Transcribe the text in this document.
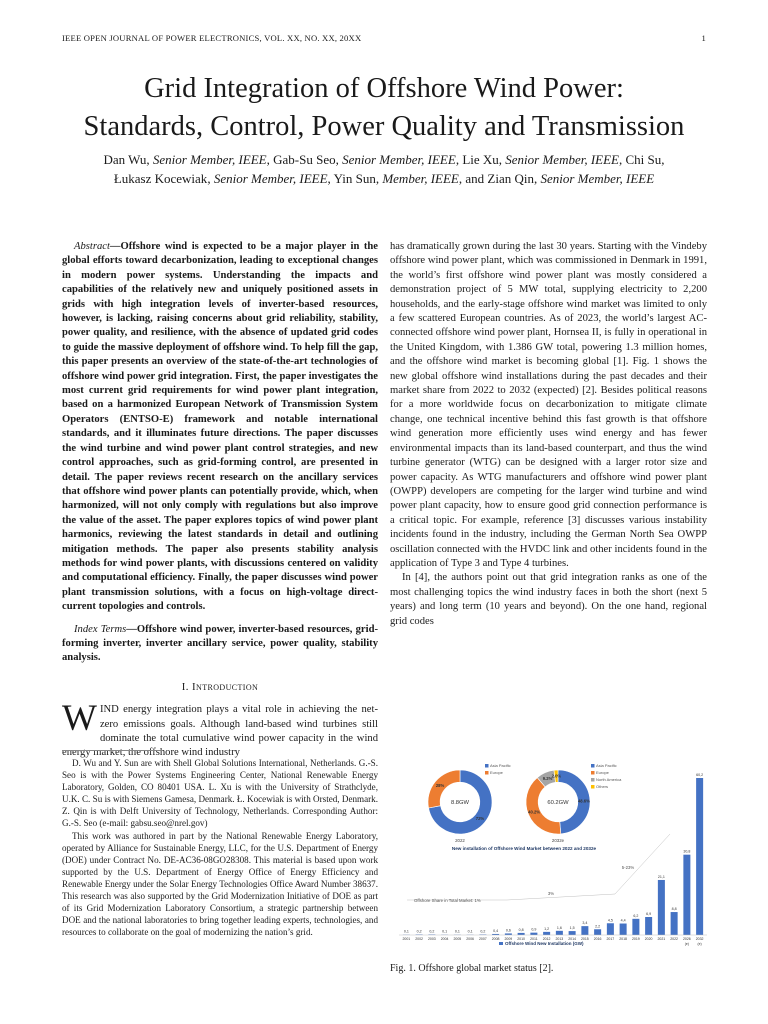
IEEE OPEN JOURNAL OF POWER ELECTRONICS, VOL. XX, NO. XX, 20XX	1
Grid Integration of Offshore Wind Power:
Standards, Control, Power Quality and Transmission
Dan Wu, Senior Member, IEEE, Gab-Su Seo, Senior Member, IEEE, Lie Xu, Senior Member, IEEE, Chi Su,
Łukasz Kocewiak, Senior Member, IEEE, Yin Sun, Member, IEEE, and Zian Qin, Senior Member, IEEE

Abstract—Offshore wind is expected to be a major player in the global efforts toward decarbonization, leading to exceptional changes in modern power systems. Understanding the impacts and capabilities of the relatively new and uniquely positioned assets in grids with high integration levels of inverter-based resources, however, is lacking, raising concerns about grid reliability, stability, power quality, and resilience, with the absence of updated grid codes to guide the massive deployment of offshore wind. To help fill the gap, this paper presents an overview of the state-of-the-art technologies of offshore wind power grid integration. First, the paper investigates the most current grid requirements for wind power plant integration, based on a harmonized European Network of Transmission System Operators (ENTSO-E) framework and notable international standards, and it illuminates future directions. The paper discusses the wind turbine and wind power plant control strategies, and new control approaches, such as grid-forming control, are presented in detail. The paper reviews recent research on the ancillary services that offshore wind power plants can potentially provide, which, when harmonized, will not only comply with regulations but also improve the value of the asset. The paper explores topics of wind power plant harmonics, reviewing the latest standards in detail and outlining mitigation methods. The paper also presents stability analysis methods for wind power plants, with discussions centered on validity and computational efficiency. Finally, the paper discusses wind power plant transmission solutions, with a focus on high-voltage direct-current topologies and controls.

Index Terms—Offshore wind power, inverter-based resources, grid-forming inverter, inverter ancillary service, power quality, stability analysis.

I. Introduction

WIND energy integration plays a vital role in achieving the net-zero emissions goals. Although land-based wind turbines still dominate the total cumulative wind power capacity in the wind energy market, the offshore wind industry

has dramatically grown during the last 30 years. Starting with the Vindeby offshore wind power plant, which was commissioned in Denmark in 1991, the world’s first offshore wind power plant was mostly considered a demonstration project of 5 MW total, supplying electricity to 2,200 households, and the early-stage offshore wind market was limited to only a few scattered European countries. As of 2023, the world’s largest AC-connected offshore wind power plant, Hornsea II, is fully in operational in the United Kingdom, with 1.386 GW total, powering 1.3 million homes, and the offshore wind market is becoming global [1]. Fig. 1 shows the new global offshore wind installations during the past decades and their market share from 2022 to 2032 (expected) [2]. Besides political reasons for a more worldwide focus on decarbonization to mitigate climate change, one technical incentive behind this fast growth is that offshore wind generation more efficiently uses wind energy and has fewer environmental impacts than its land-based counterpart, and thus the wind turbine generator (WTG) can be designed with a larger rotor size and power capacity. As WTG manufacturers and offshore wind power plant (OWPP) developers are competing for the larger wind turbine and wind power plant capacity, how to ensure good grid connection performance is a critical topic. For example, reference [3] discusses various instability incidents found in the industry, including the German North Sea OWPP oscillation connected with the HVDC link and other incidents found in the application of Type 3 and Type 4 turbines.

In [4], the authors point out that grid integration ranks as one of the most challenging topics the wind industry faces in both the short (next 5 years) and long term (10 years and beyond). On the one hand, regional grid codes

D. Wu and Y. Sun are with Shell Global Solutions International, Netherlands. G.-S. Seo is with the Power Systems Engineering Center, National Renewable Energy Laboratory, Golden, CO 80401 USA. L. Xu is with the University of Strathclyde, U.K. C. Su is with Siemens Gamesa, Denmark. Ł. Kocewiak is with Orsted, Denmark. Z. Qin is with Delft University of Technology, Netherlands. Corresponding Author: G.-S. Seo (e-mail: gabsu.seo@nrel.gov)

This work was authored in part by the National Renewable Energy Laboratory, operated by Alliance for Sustainable Energy, LLC, for the U.S. Department of Energy (DOE) under Contract No. DE-AC36-08GO28308. This material is based upon work supported by the U.S. Department of Energy Office of Energy Efficiency and Renewable Energy under the Solar Energy Technologies Office Award Number 38637. This research was also supported by the Grid Modernization Initiative of DOE as part of its Grid Modernization Laboratory Consortium, a strategic partnership between DOE and the national laboratories to bring together leading experts, technologies, and resources to collaborate on the goal of modernizing the nation’s grid.

72%
28%
8.8GW
2022
Asia Pacific
Europe
48.6%
40.2%
9.2% 2.0%
60.2GW
2032e
Asia Pacific
Europe
North America
Others
New installation of Offshore Wind Market between 2022 and 2032e
0,1
2001
0,2
2002
0,2
2003
0,1
2004
0,1
2005
0,1
2006
0,2
2007
0,4
2008
0,6
2009
0,8
2010
0,9
2011
1,2
2012
1,6
2013
1,5
2014
3,4
2015
2,2
2016
4,5
2017
4,4
2018
6,2
2019
6,9
2020
21,1
2021
8,8
2022
30,8
2026
60,2
2032
(e)	(e)
Offshore Wind New Installation (GW)
Offshore Share in Total Market: 1%
3%
5-23%
Fig. 1. Offshore global market status [2].
